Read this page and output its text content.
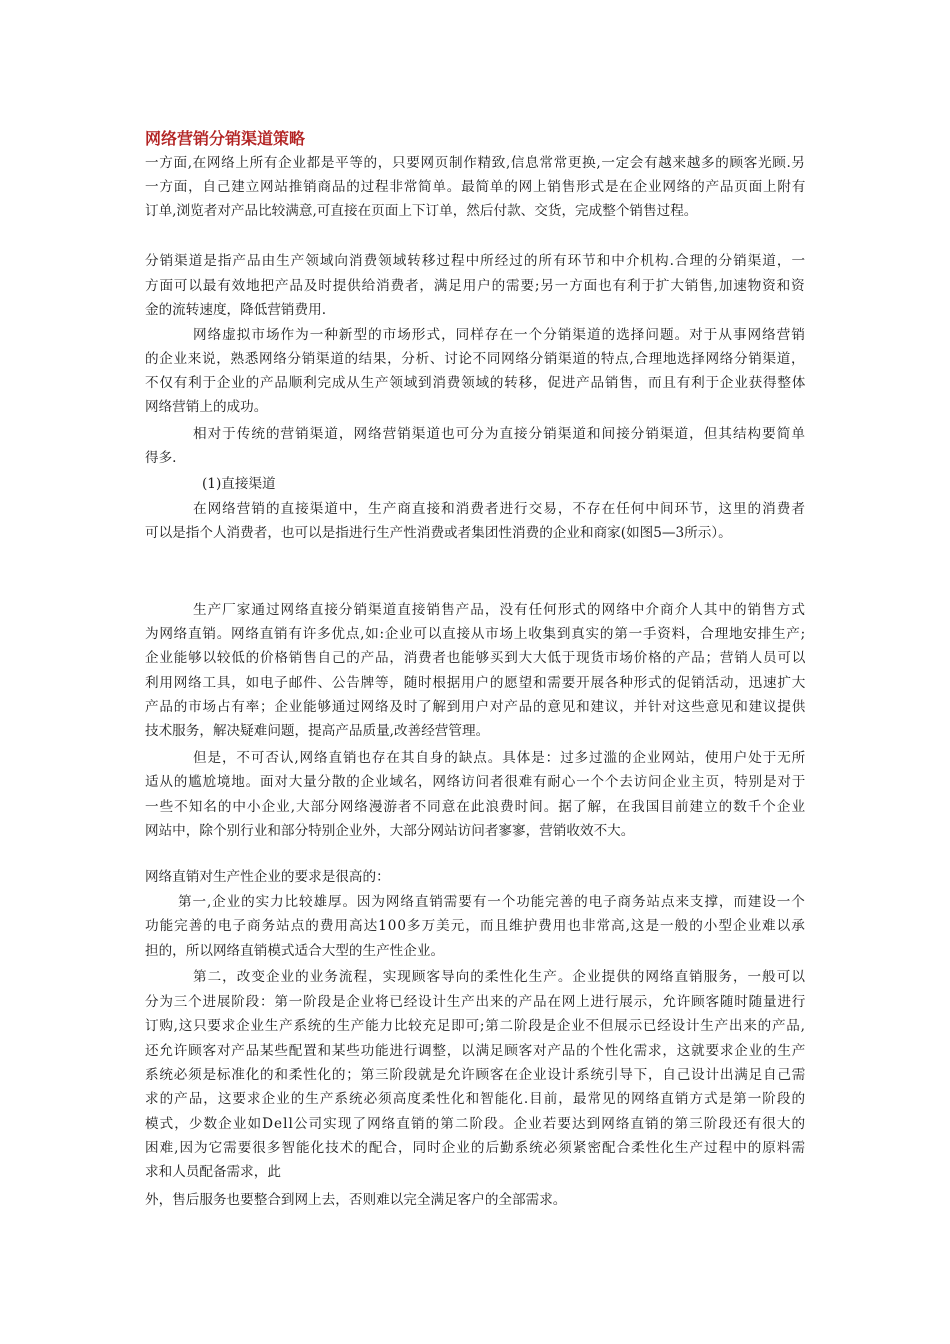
网络营销分销渠道策略
一方面,在网络上所有企业都是平等的，只要网页制作精致,信息常常更换,一定会有越来越多的顾客光顾.另
一方面，自己建立网站推销商品的过程非常简单。最简单的网上销售形式是在企业网络的产品页面上附有
订单,浏览者对产品比较满意,可直接在页面上下订单，然后付款、交货，完成整个销售过程。
分销渠道是指产品由生产领域向消费领域转移过程中所经过的所有环节和中介机构.合理的分销渠道，一
方面可以最有效地把产品及时提供给消费者，满足用户的需要;另一方面也有利于扩大销售,加速物资和资
金的流转速度，降低营销费用.
网络虚拟市场作为一种新型的市场形式，同样存在一个分销渠道的选择问题。对于从事网络营销
的企业来说，熟悉网络分销渠道的结果，分析、讨论不同网络分销渠道的特点,合理地选择网络分销渠道，
不仅有利于企业的产品顺利完成从生产领域到消费领域的转移，促进产品销售，而且有利于企业获得整体
网络营销上的成功。
相对于传统的营销渠道，网络营销渠道也可分为直接分销渠道和间接分销渠道，但其结构要简单
得多.
(1)直接渠道
在网络营销的直接渠道中，生产商直接和消费者进行交易，不存在任何中间环节，这里的消费者
可以是指个人消费者，也可以是指进行生产性消费或者集团性消费的企业和商家(如图5—3所示）。
生产厂家通过网络直接分销渠道直接销售产品，没有任何形式的网络中介商介人其中的销售方式
为网络直销。网络直销有许多优点,如:企业可以直接从市场上收集到真实的第一手资料，合理地安排生产;
企业能够以较低的价格销售自己的产品，消费者也能够买到大大低于现货市场价格的产品；营销人员可以
利用网络工具，如电子邮件、公告牌等，随时根据用户的愿望和需要开展各种形式的促销活动，迅速扩大
产品的市场占有率；企业能够通过网络及时了解到用户对产品的意见和建议，并针对这些意见和建议提供
技术服务，解决疑难问题，提高产品质量,改善经营管理。
但是，不可否认,网络直销也存在其自身的缺点。具体是：过多过滥的企业网站，使用户处于无所
适从的尴尬境地。面对大量分散的企业域名，网络访问者很难有耐心一个个去访问企业主页，特别是对于
一些不知名的中小企业,大部分网络漫游者不同意在此浪费时间。据了解，在我国目前建立的数千个企业
网站中，除个别行业和部分特别企业外，大部分网站访问者寥寥，营销收效不大。
网络直销对生产性企业的要求是很高的：
第一,企业的实力比较雄厚。因为网络直销需要有一个功能完善的电子商务站点来支撑，而建设一个
功能完善的电子商务站点的费用高达100多万美元，而且维护费用也非常高,这是一般的小型企业难以承
担的，所以网络直销模式适合大型的生产性企业。
第二，改变企业的业务流程，实现顾客导向的柔性化生产。企业提供的网络直销服务，一般可以
分为三个进展阶段：第一阶段是企业将已经设计生产出来的产品在网上进行展示，允许顾客随时随量进行
订购,这只要求企业生产系统的生产能力比较充足即可;第二阶段是企业不但展示已经设计生产出来的产品,
还允许顾客对产品某些配置和某些功能进行调整，以满足顾客对产品的个性化需求，这就要求企业的生产
系统必须是标准化的和柔性化的；第三阶段就是允许顾客在企业设计系统引导下，自己设计出满足自己需
求的产品，这要求企业的生产系统必须高度柔性化和智能化.目前，最常见的网络直销方式是第一阶段的
模式，少数企业如Dell公司实现了网络直销的第二阶段。企业若要达到网络直销的第三阶段还有很大的
困难,因为它需要很多智能化技术的配合，同时企业的后勤系统必须紧密配合柔性化生产过程中的原料需
求和人员配备需求，此
外，售后服务也要整合到网上去，否则难以完全满足客户的全部需求。
